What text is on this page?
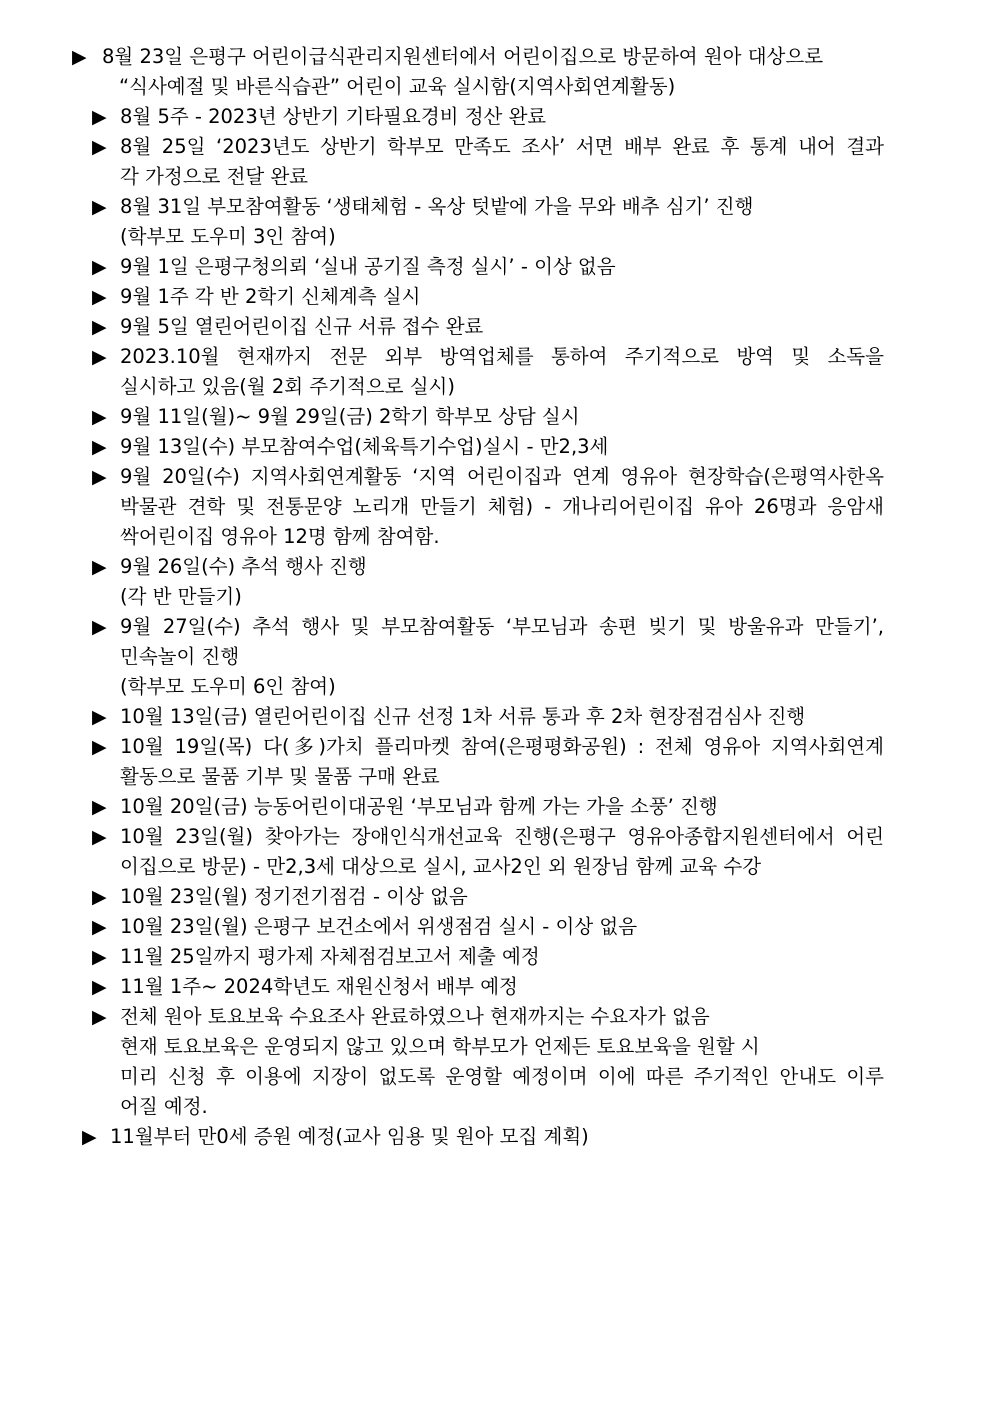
▶ 8월 23일 은평구 어린이급식관리지원센터에서 어린이집으로 방문하여 원아 대상으로
“식사예절 및 바른식습관” 어린이 교육 실시함(지역사회연계활동)
▶ 8월 5주 - 2023년 상반기 기타필요경비 정산 완료
▶ 8월 25일 ‘2023년도 상반기 학부모 만족도 조사’ 서면 배부 완료 후 통계 내어 결과
각 가정으로 전달 완료
▶ 8월 31일 부모참여활동 ‘생태체험 - 옥상 텃밭에 가을 무와 배추 심기’ 진행
(학부모 도우미 3인 참여)
▶ 9월 1일 은평구청의뢰 ‘실내 공기질 측정 실시’ - 이상 없음
▶ 9월 1주 각 반 2학기 신체계측 실시
▶ 9월 5일 열린어린이집 신규 서류 접수 완료
▶ 2023.10월 현재까지 전문 외부 방역업체를 통하여 주기적으로 방역 및 소독을
실시하고 있음(월 2회 주기적으로 실시)
▶ 9월 11일(월)~ 9월 29일(금) 2학기 학부모 상담 실시
▶ 9월 13일(수) 부모참여수업(체육특기수업)실시 - 만2,3세
▶ 9월 20일(수) 지역사회연계활동 ‘지역 어린이집과 연계 영유아 현장학습(은평역사한옥
박물관 견학 및 전통문양 노리개 만들기 체험) - 개나리어린이집 유아 26명과 응암새
싹어린이집 영유아 12명 함께 참여함.
▶ 9월 26일(수) 추석 행사 진행
(각 반 만들기)
▶ 9월 27일(수) 추석 행사 및 부모참여활동 ‘부모님과 송편 빚기 및 방울유과 만들기’,
민속놀이 진행
(학부모 도우미 6인 참여)
▶ 10월 13일(금) 열린어린이집 신규 선정 1차 서류 통과 후 2차 현장점검심사 진행
▶ 10월 19일(목) 다(多)가치 플리마켓 참여(은평평화공원) : 전체 영유아 지역사회연계
활동으로 물품 기부 및 물품 구매 완료
▶ 10월 20일(금) 능동어린이대공원 ‘부모님과 함께 가는 가을 소풍’ 진행
▶ 10월 23일(월) 찾아가는 장애인식개선교육 진행(은평구 영유아종합지원센터에서 어린
이집으로 방문) - 만2,3세 대상으로 실시, 교사2인 외 원장님 함께 교육 수강
▶ 10월 23일(월) 정기전기점검 - 이상 없음
▶ 10월 23일(월) 은평구 보건소에서 위생점검 실시 - 이상 없음
▶ 11월 25일까지 평가제 자체점검보고서 제출 예정
▶ 11월 1주~ 2024학년도 재원신청서 배부 예정
▶ 전체 원아 토요보육 수요조사 완료하였으나 현재까지는 수요자가 없음
현재 토요보육은 운영되지 않고 있으며 학부모가 언제든 토요보육을 원할 시
미리 신청 후 이용에 지장이 없도록 운영할 예정이며 이에 따른 주기적인 안내도 이루
어질 예정.
▶ 11월부터 만0세 증원 예정(교사 임용 및 원아 모집 계획)
